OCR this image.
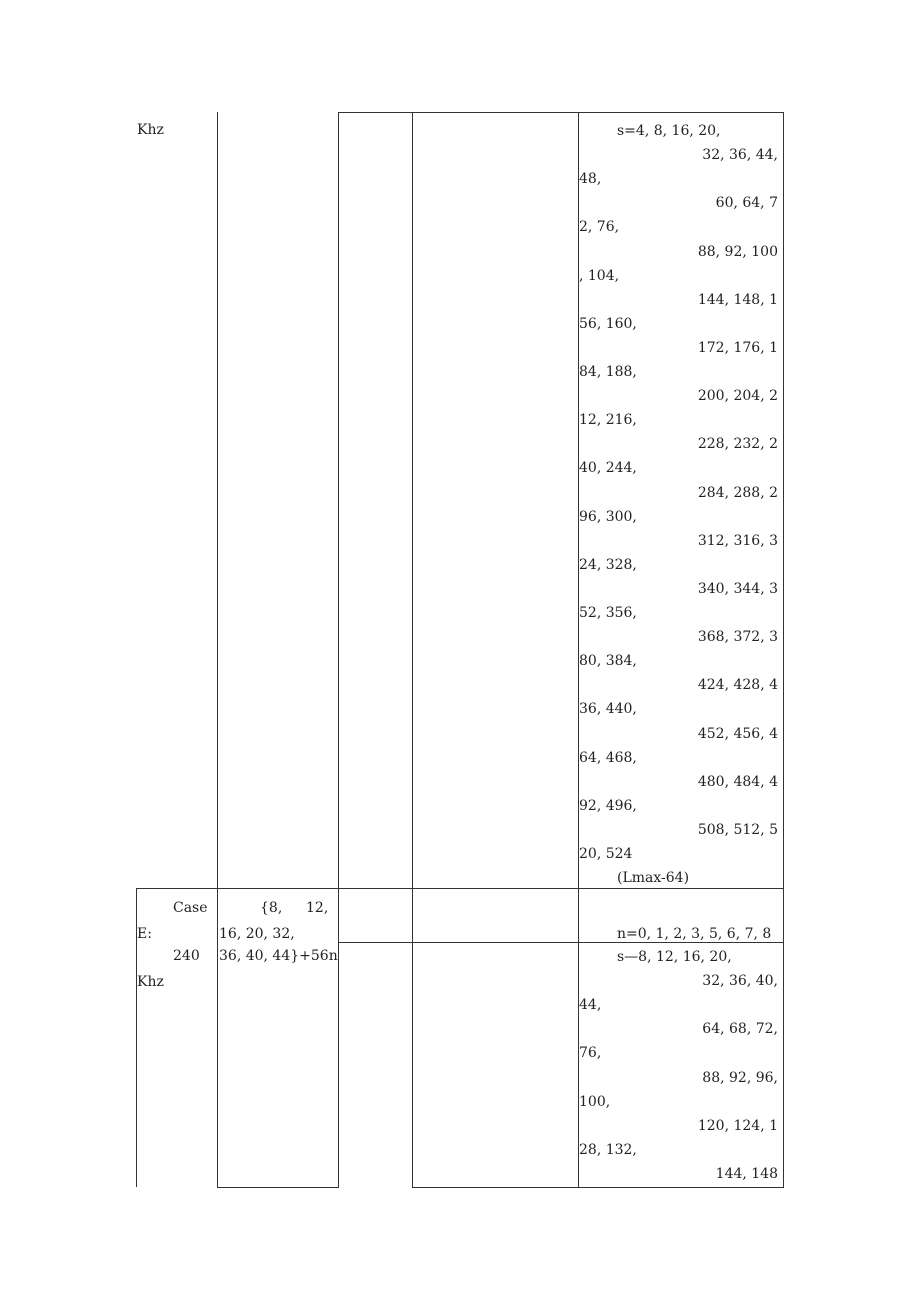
Khz	s=4, 8, 16, 20,
32, 36, 44,
48,
60, 64, 7
2, 76,
88, 92, 100
, 104,
144, 148, 1
56, 160,
172, 176, 1
84, 188,
200, 204, 2
12, 216,
228, 232, 2
40, 244,
284, 288, 2
96, 300,
312, 316, 3
24, 328,
340, 344, 3
52, 356,
368, 372, 3
80, 384,
424, 428, 4
36, 440,
452, 456, 4
64, 468,
480, 484, 4
92, 496,
508, 512, 5
20, 524
(Lmax-64)
Case
E:
240
Khz
{8, 12,
16, 20, 32,
36, 40, 44}+56n
n=0, 1, 2, 3, 5, 6, 7, 8
s—8, 12, 16, 20,
32, 36, 40,
44,
64, 68, 72,
76,
88, 92, 96,
100,
120, 124, 1
28, 132,
144, 148
